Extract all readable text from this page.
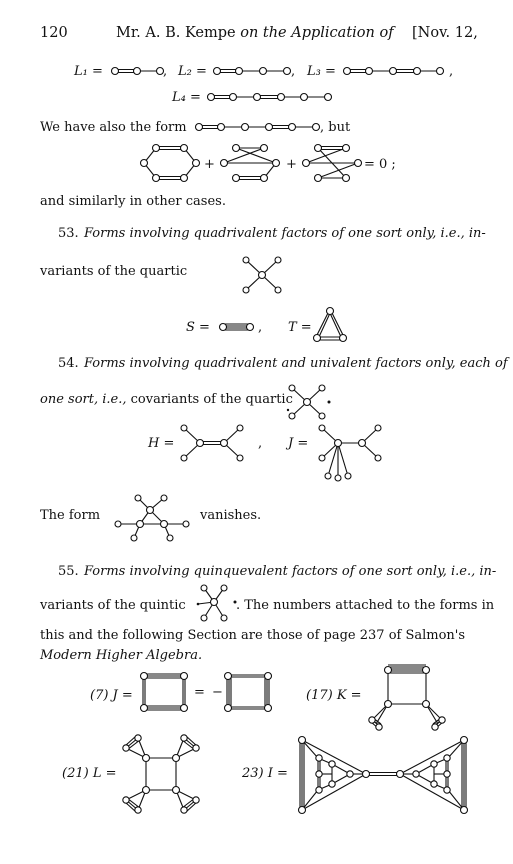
120	Mr. A. B. Kempe on the Application of [Nov. 12,
L₁ =	, L₂ =	, L₃ =	,
L₄ =
We have also the form	, but
+	+	= 0 ;
and similarly in other cases.
53. Forms involving quadrivalent factors of one sort only, i.e., in-
variants of the quartic
S =	, T =
54. Forms involving quadrivalent and univalent factors only, each of
one sort, i.e., covariants of the quartic
H =	, J =
The form	vanishes.
55. Forms involving quinquevalent factors of one sort only, i.e., in-
variants of the quintic	. The numbers attached to the forms in
this and the following Section are those of page 237 of Salmon's
Modern Higher Algebra.
(7) J =	= −	(17) K =
(21) L =	23) I =
